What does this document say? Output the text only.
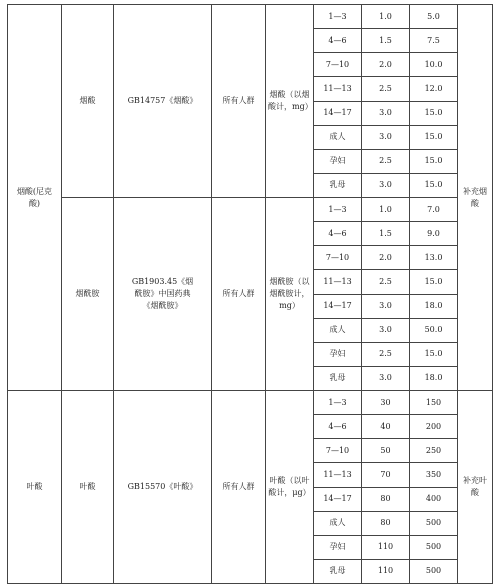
烟酸(尼克酸)	烟酸	GB14757《烟酸》	所有人群	烟酸（以烟酸计，mg）	1—3	1.0	5.0	补充烟酸
					4—6	1.5	7.5	
					7—10	2.0	10.0	
					11—13	2.5	12.0	
					14—17	3.0	15.0	
					成人	3.0	15.0	
					孕妇	2.5	15.0	
					乳母	3.0	15.0	
	烟酰胺	GB1903.45《烟酰胺》中国药典《烟酰胺》	所有人群	烟酰胺（以烟酰胺计，mg）	1—3	1.0	7.0	
					4—6	1.5	9.0	
					7—10	2.0	13.0	
					11—13	2.5	15.0	
					14—17	3.0	18.0	
					成人	3.0	50.0	
					孕妇	2.5	15.0	
					乳母	3.0	18.0	
叶酸	叶酸	GB15570《叶酸》	所有人群	叶酸（以叶酸计，μg）	1—3	30	150	补充叶酸
					4—6	40	200	
					7—10	50	250	
					11—13	70	350	
					14—17	80	400	
					成人	80	500	
					孕妇	110	500	
					乳母	110	500	
